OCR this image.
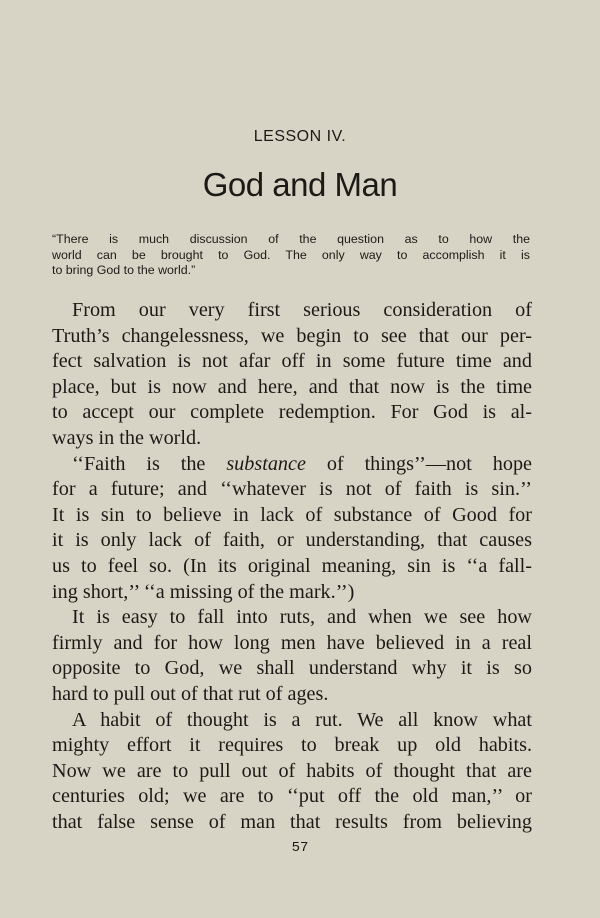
LESSON IV.
God and Man
“There is much discussion of the question as to how the
world can be brought to God. The only way to accomplish it is
to bring God to the world.”
From our very first serious consideration of
Truth’s changelessness, we begin to see that our per-
fect salvation is not afar off in some future time and
place, but is now and here, and that now is the time
to accept our complete redemption. For God is al-
ways in the world.
‘‘Faith is the substance of things’’—not hope
for a future; and ‘‘whatever is not of faith is sin.’’
It is sin to believe in lack of substance of Good for
it is only lack of faith, or understanding, that causes
us to feel so. (In its original meaning, sin is ‘‘a fall-
ing short,’’ ‘‘a missing of the mark.’’)
It is easy to fall into ruts, and when we see how
firmly and for how long men have believed in a real
opposite to God, we shall understand why it is so
hard to pull out of that rut of ages.
A habit of thought is a rut. We all know what
mighty effort it requires to break up old habits.
Now we are to pull out of habits of thought that are
centuries old; we are to ‘‘put off the old man,’’ or
that false sense of man that results from believing
57
